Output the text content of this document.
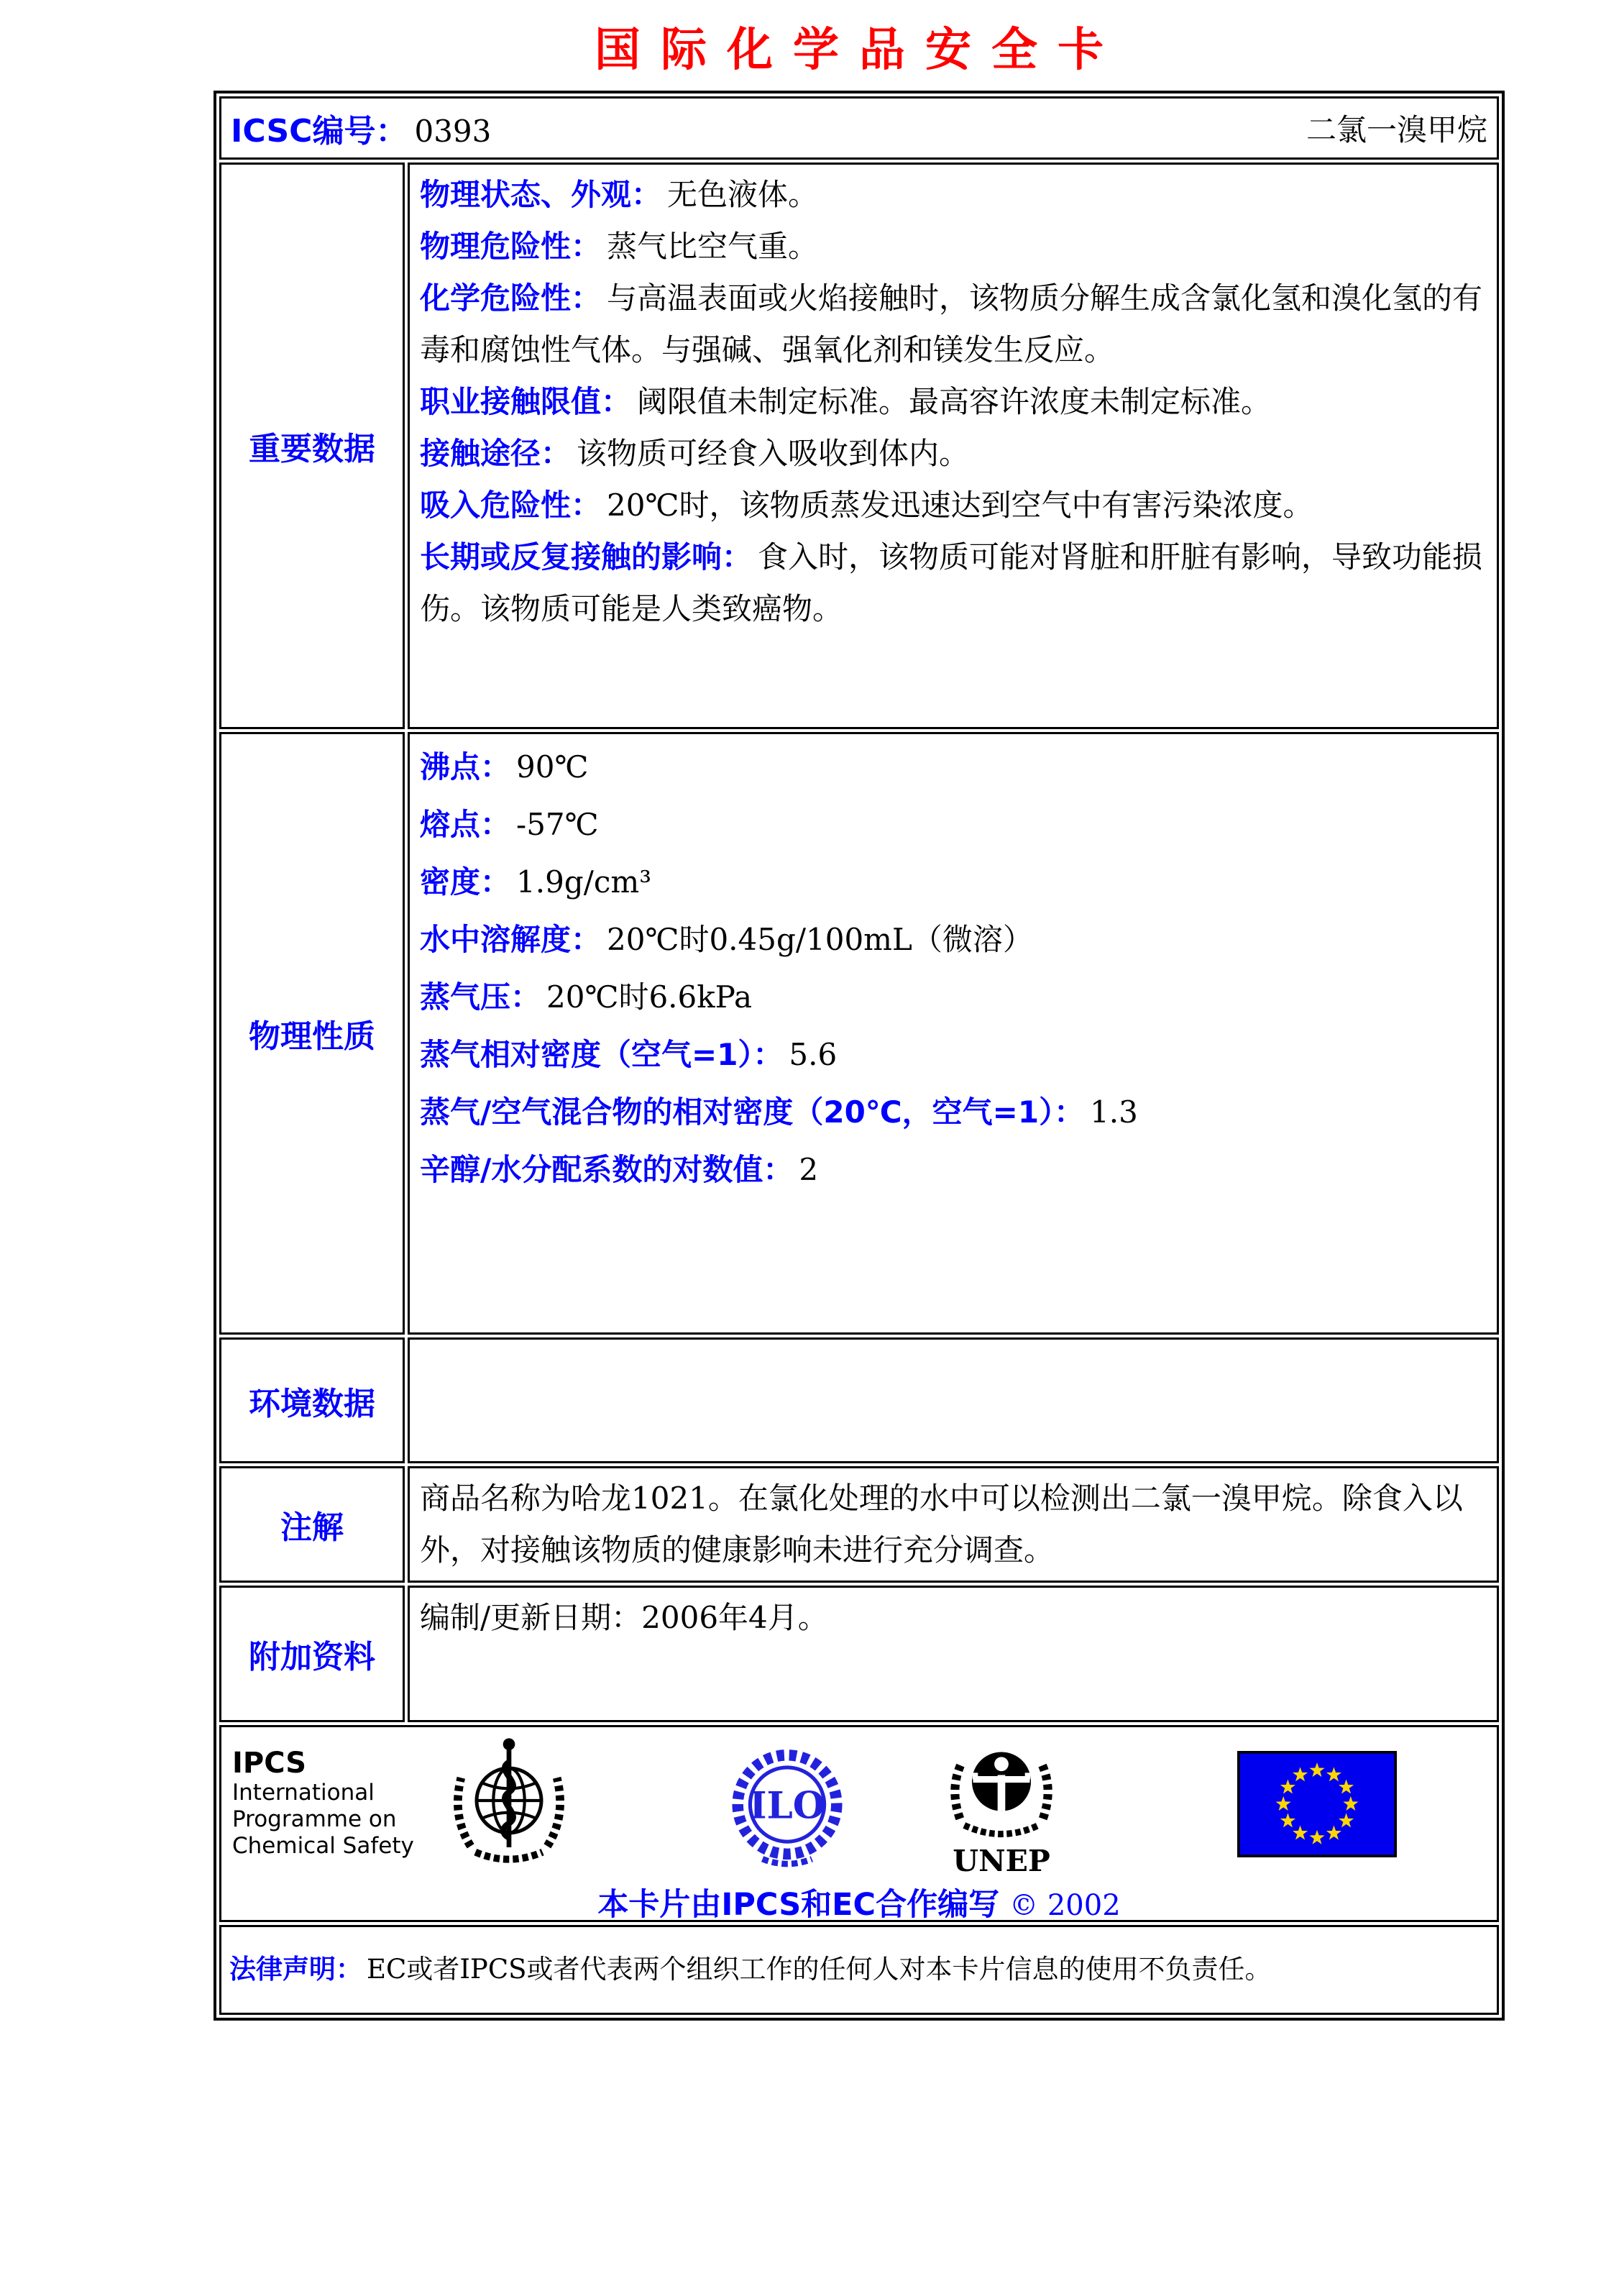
国际化学品安全卡
ICSC编号： 0393 二氯一溴甲烷	

重要数据	
物理状态、外观： 无色液体。
物理危险性： 蒸气比空气重。
化学危险性： 与高温表面或火焰接触时，该物质分解生成含氯化氢和溴化氢的有毒和腐蚀性气体。与强碱、强氧化剂和镁发生反应。
职业接触限值： 阈限值未制定标准。最高容许浓度未制定标准。
接触途径： 该物质可经食入吸收到体内。
吸入危险性： 20℃时，该物质蒸发迅速达到空气中有害污染浓度。
长期或反复接触的影响： 食入时，该物质可能对肾脏和肝脏有影响，导致功能损伤。该物质可能是人类致癌物。

物理性质	
沸点： 90℃
熔点： -57℃
密度： 1.9g/cm³
水中溶解度： 20℃时0.45g/100mL（微溶）
蒸气压： 20℃时6.6kPa
蒸气相对密度（空气=1）： 5.6
蒸气/空气混合物的相对密度（20℃，空气=1）： 1.3
辛醇/水分配系数的对数值： 2

环境数据	

注解	商品名称为哈龙1021。在氯化处理的水中可以检测出二氯一溴甲烷。除食入以外，对接触该物质的健康影响未进行充分调查。

附加资料	编制/更新日期：2006年4月。

IPCS
International
Programme on
Chemical Safety
ILO
UNEP
本卡片由IPCS和EC合作编写 © 2002

法律声明： EC或者IPCS或者代表两个组织工作的任何人对本卡片信息的使用不负责任。	
